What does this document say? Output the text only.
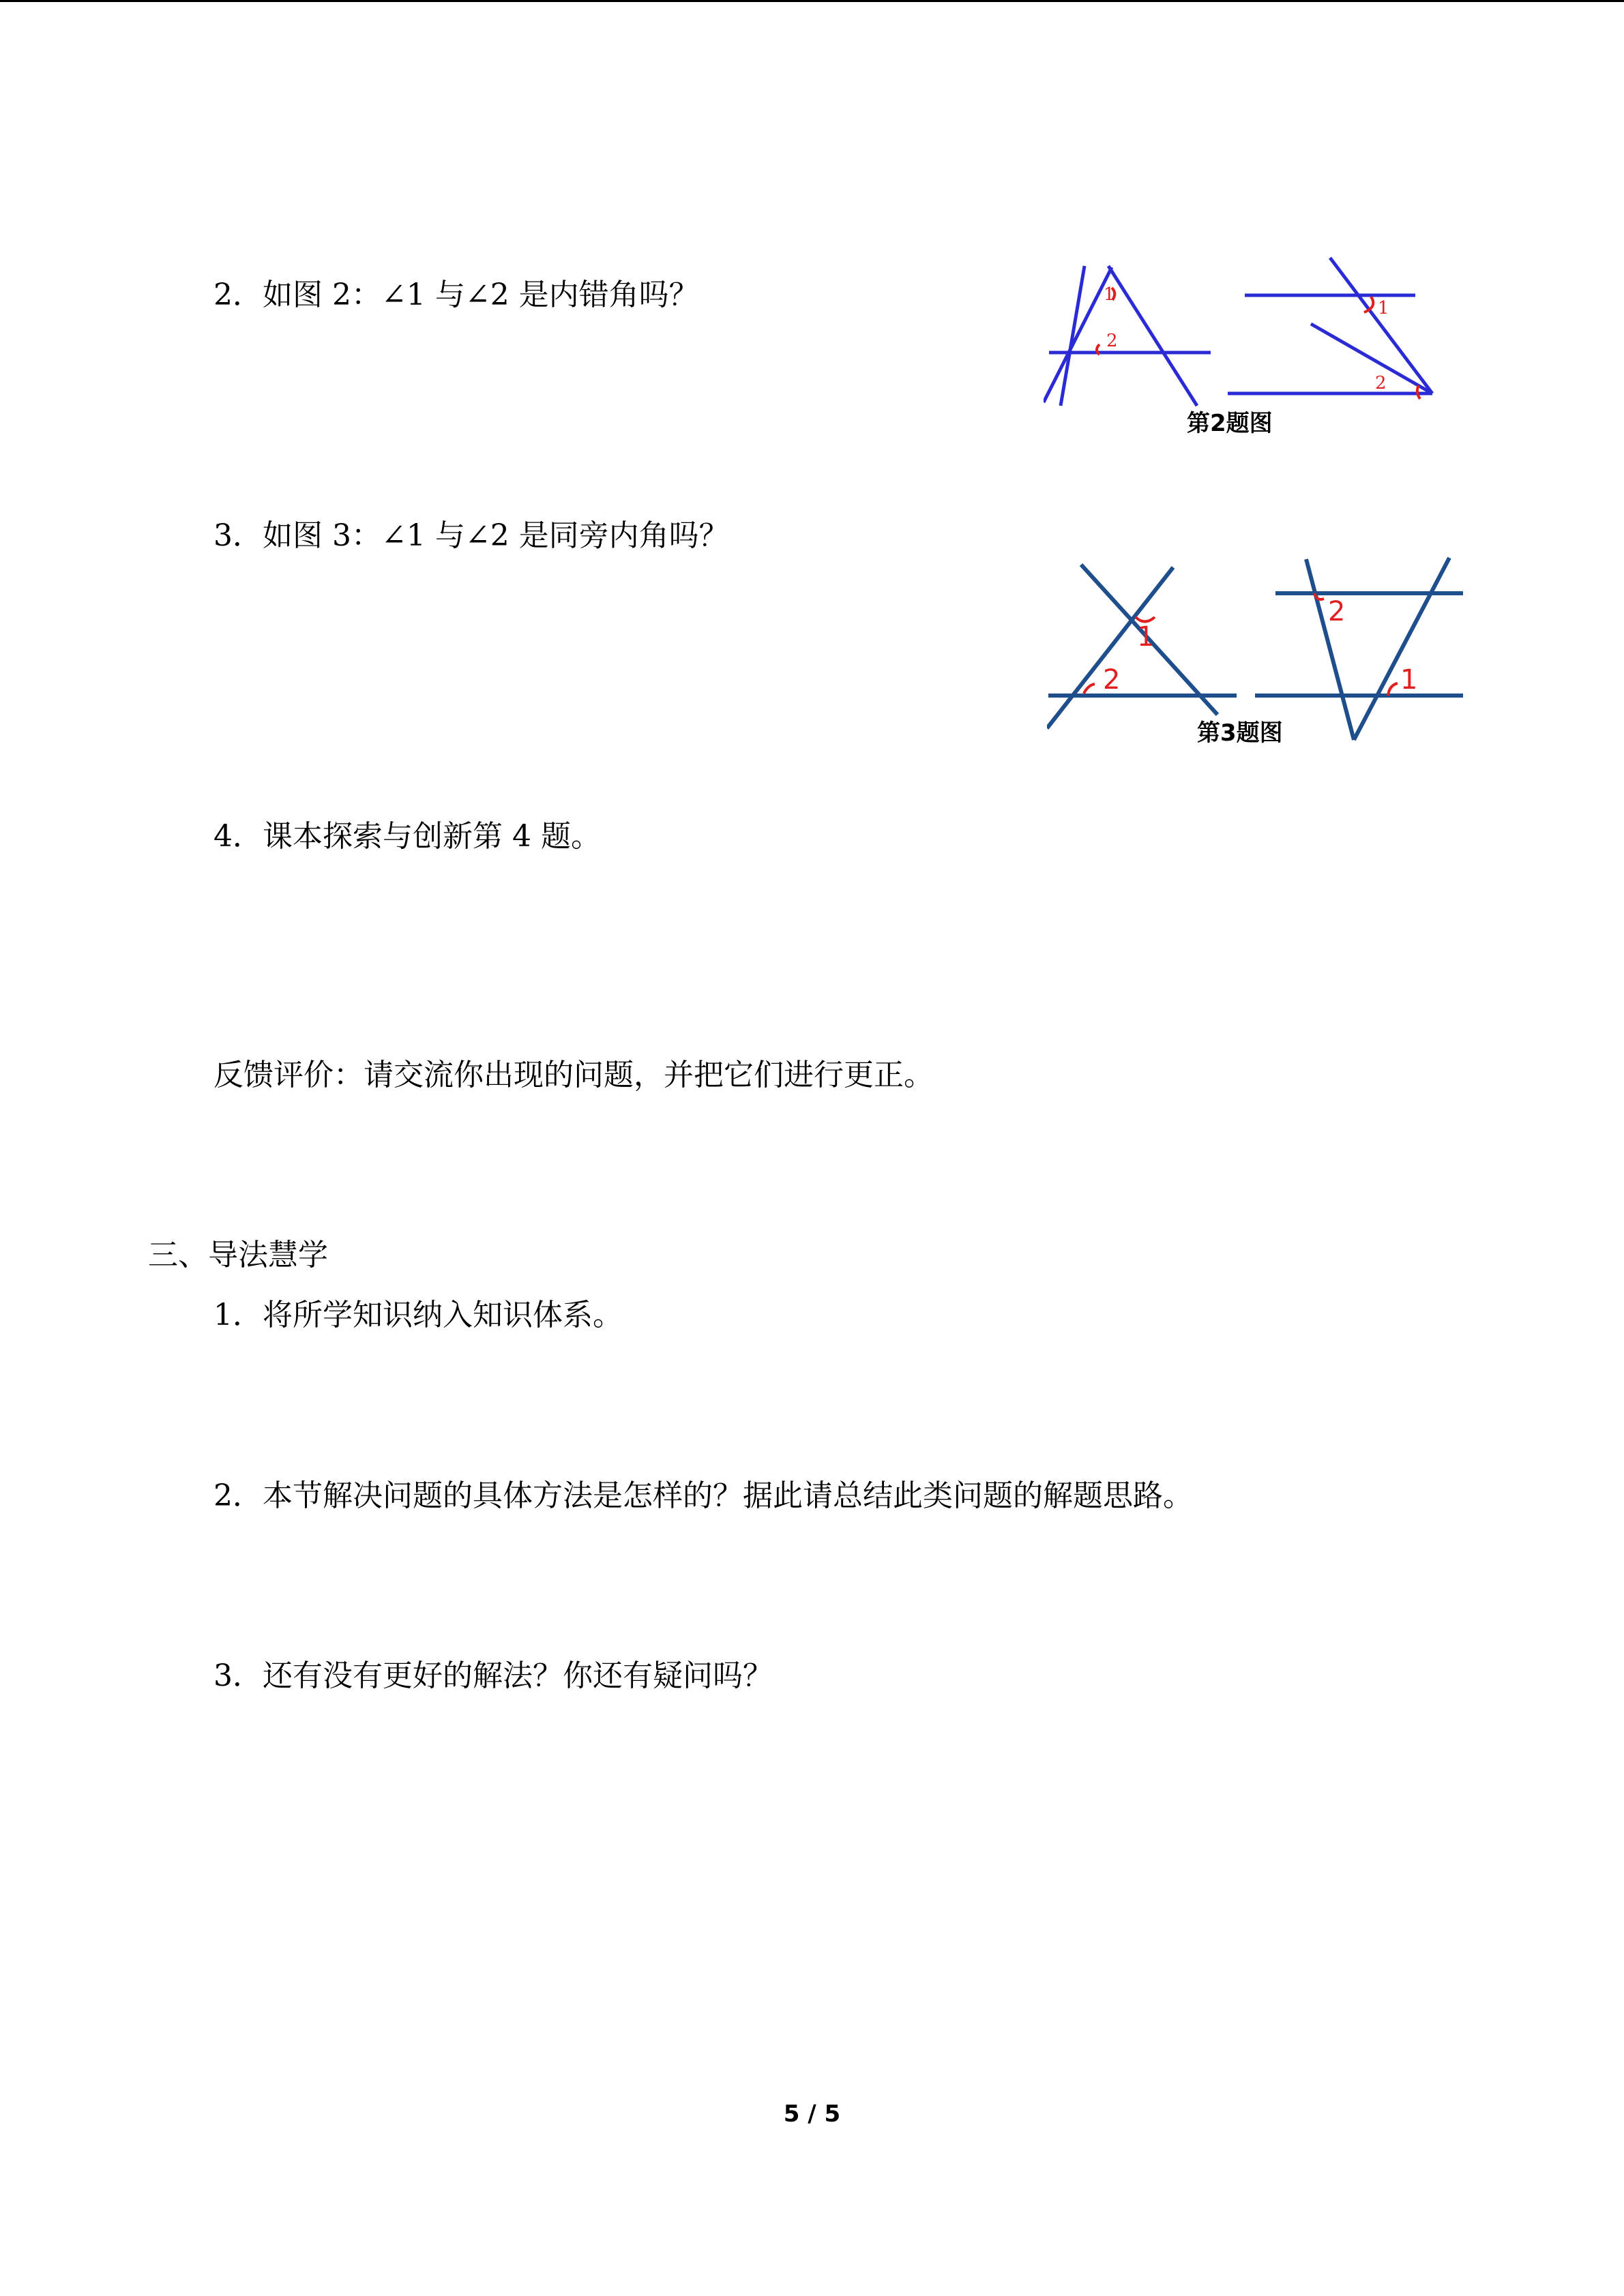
2．如图 2：∠1 与∠2 是内错角吗？
3．如图 3：∠1 与∠2 是同旁内角吗？
4．课本探索与创新第 4 题。
反馈评价：请交流你出现的问题，并把它们进行更正。
三、导法慧学
1．将所学知识纳入知识体系。
2．本节解决问题的具体方法是怎样的？据此请总结此类问题的解题思路。
3．还有没有更好的解法？你还有疑问吗？
1
2
1
2
第2题图
1
2
2
1
第3题图
5 / 5
